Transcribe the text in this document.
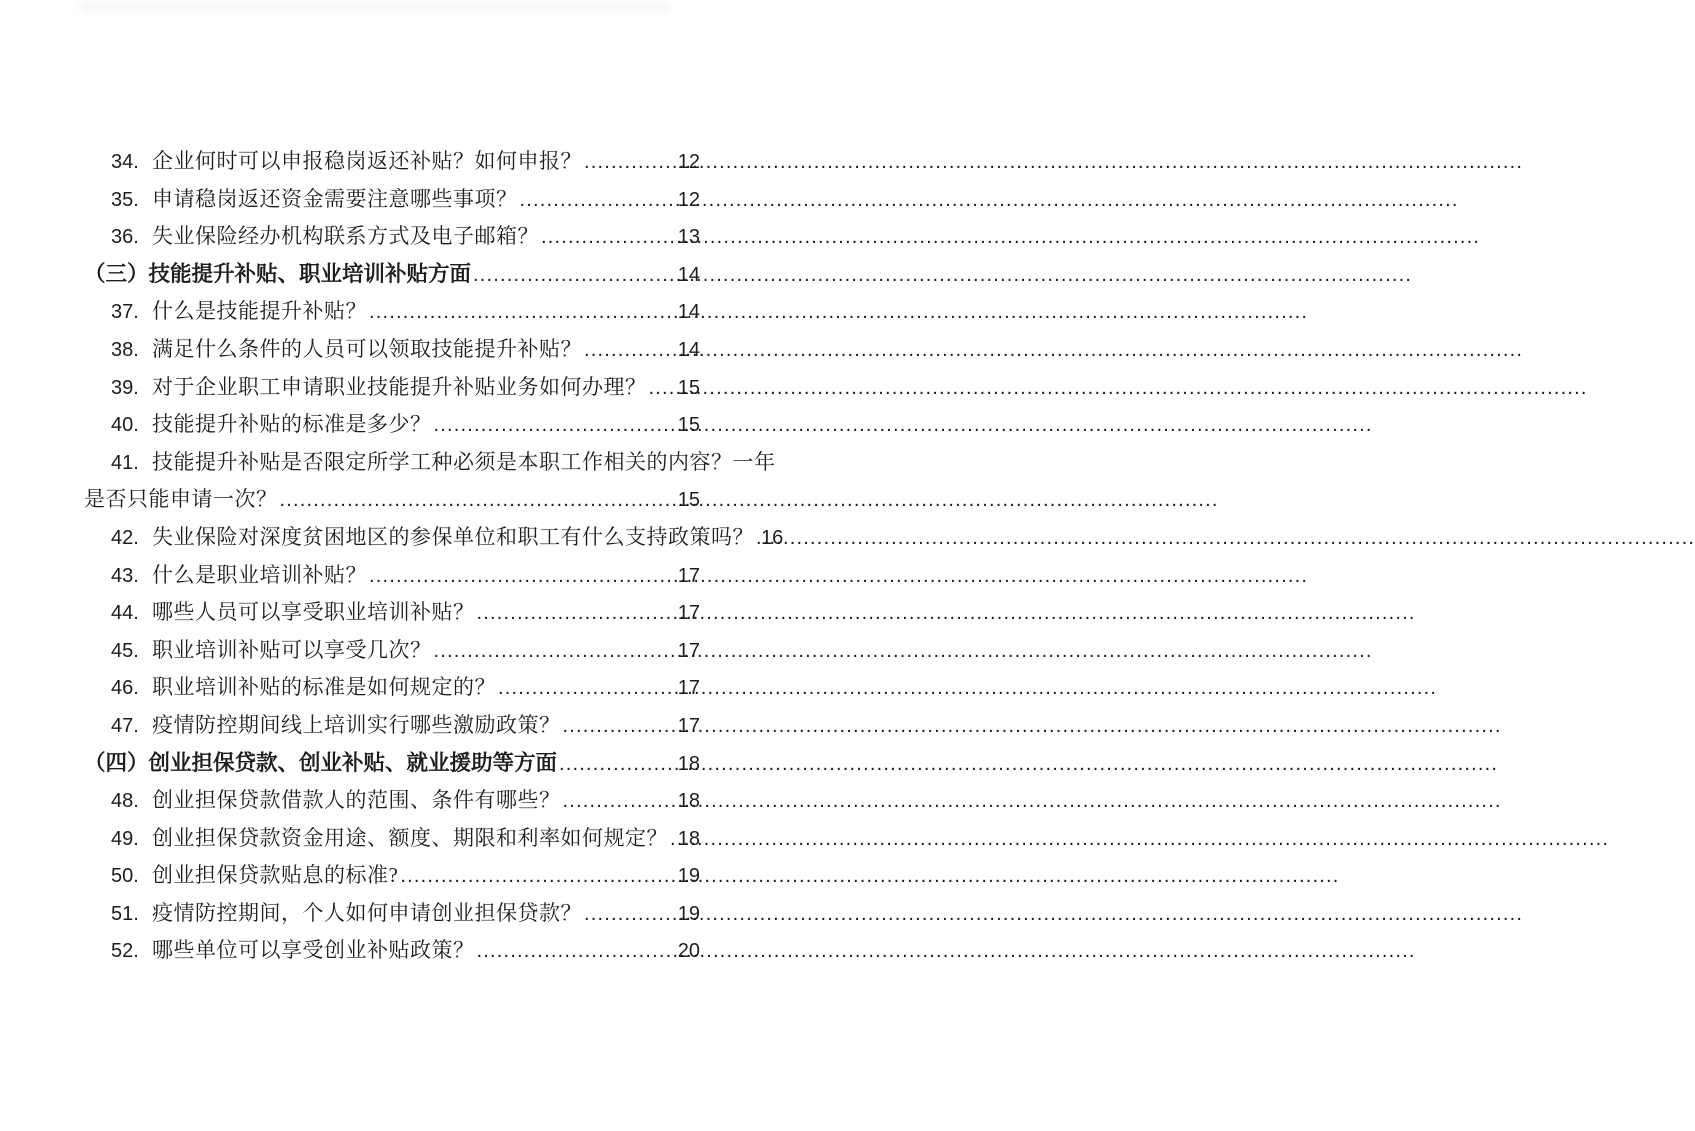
34. 企业何时可以申报稳岗返还补贴？如何申报？ .....	12
35. 申请稳岗返还资金需要注意哪些事项？ .....	12
36. 失业保险经办机构联系方式及电子邮箱？ .....	13
（三）技能提升补贴、职业培训补贴方面 .....	14
37. 什么是技能提升补贴？ .....	14
38. 满足什么条件的人员可以领取技能提升补贴？ .....	14
39. 对于企业职工申请职业技能提升补贴业务如何办理？ ..... 15
40. 技能提升补贴的标准是多少？ .....	15
41. 技能提升补贴是否限定所学工种必须是本职工作相关的内容？一年
是否只能申请一次？ .....	15
42. 失业保险对深度贫困地区的参保单位和职工有什么支持政策吗？ ..... 16
43. 什么是职业培训补贴？ .....	17
44. 哪些人员可以享受职业培训补贴？ .....	17
45. 职业培训补贴可以享受几次？ .....	17
46. 职业培训补贴的标准是如何规定的？ .....	17
47. 疫情防控期间线上培训实行哪些激励政策？ .....	17
（四）创业担保贷款、创业补贴、就业援助等方面 .....	18
48. 创业担保贷款借款人的范围、条件有哪些？ .....	18
49. 创业担保贷款资金用途、额度、期限和利率如何规定？ ..... 18
50. 创业担保贷款贴息的标准? .....	19
51. 疫情防控期间，个人如何申请创业担保贷款？ .....	19
52. 哪些单位可以享受创业补贴政策？ .....	20
